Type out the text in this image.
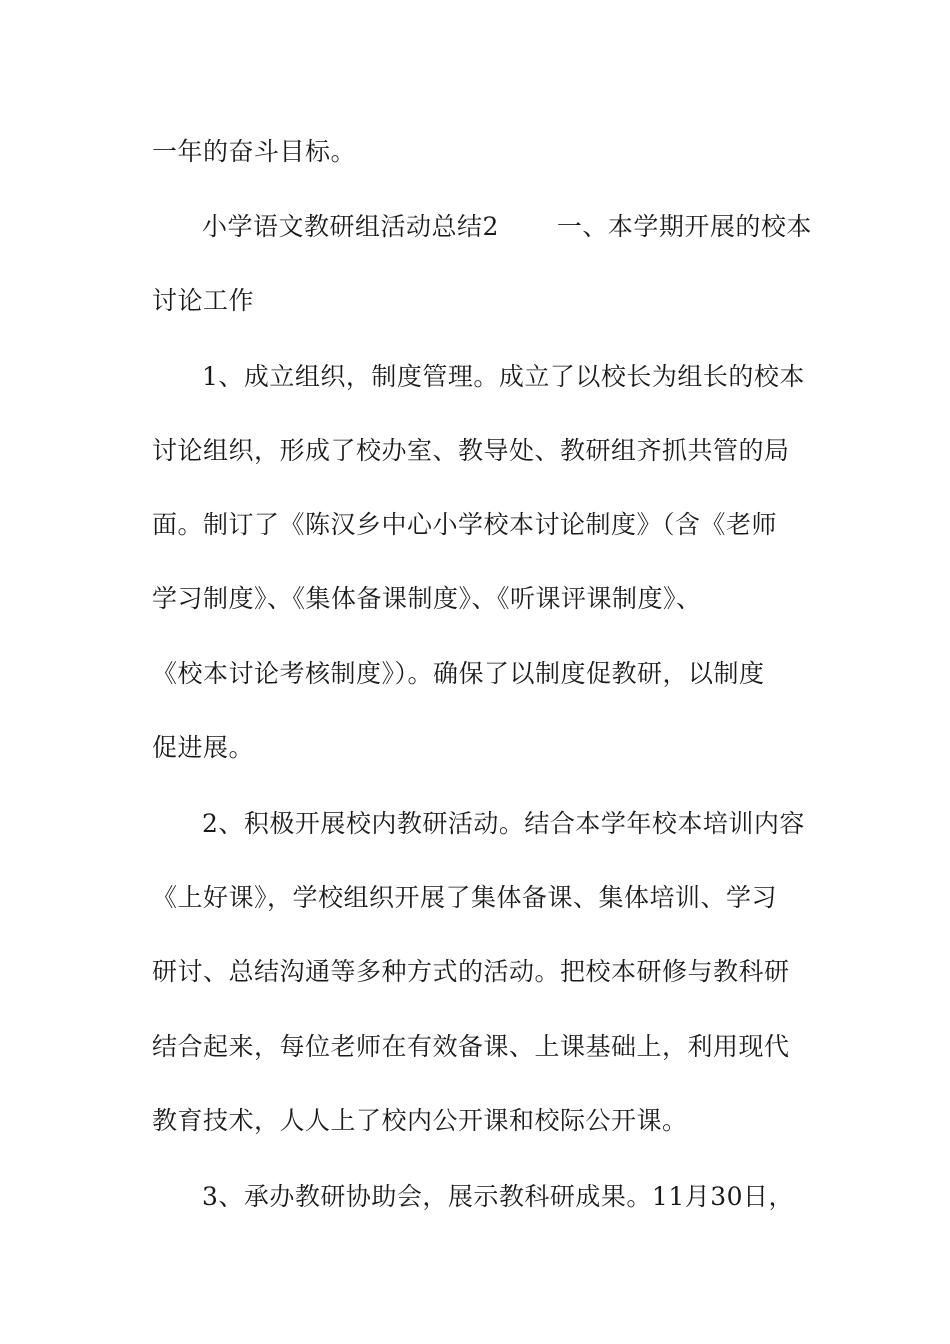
一年的奋斗目标。
小学语文教研组活动总结2 一、本学期开展的校本
讨论工作
1、成立组织，制度管理。成立了以校长为组长的校本
讨论组织，形成了校办室、教导处、教研组齐抓共管的局
面。制订了《陈汉乡中心小学校本讨论制度》（含《老师
学习制度》、《集体备课制度》、《听课评课制度》、
《校本讨论考核制度》）。确保了以制度促教研，以制度
促进展。
2、积极开展校内教研活动。结合本学年校本培训内容
《上好课》，学校组织开展了集体备课、集体培训、学习
研讨、总结沟通等多种方式的活动。把校本研修与教科研
结合起来，每位老师在有效备课、上课基础上，利用现代
教育技术，人人上了校内公开课和校际公开课。
3、承办教研协助会，展示教科研成果。11月30日，
